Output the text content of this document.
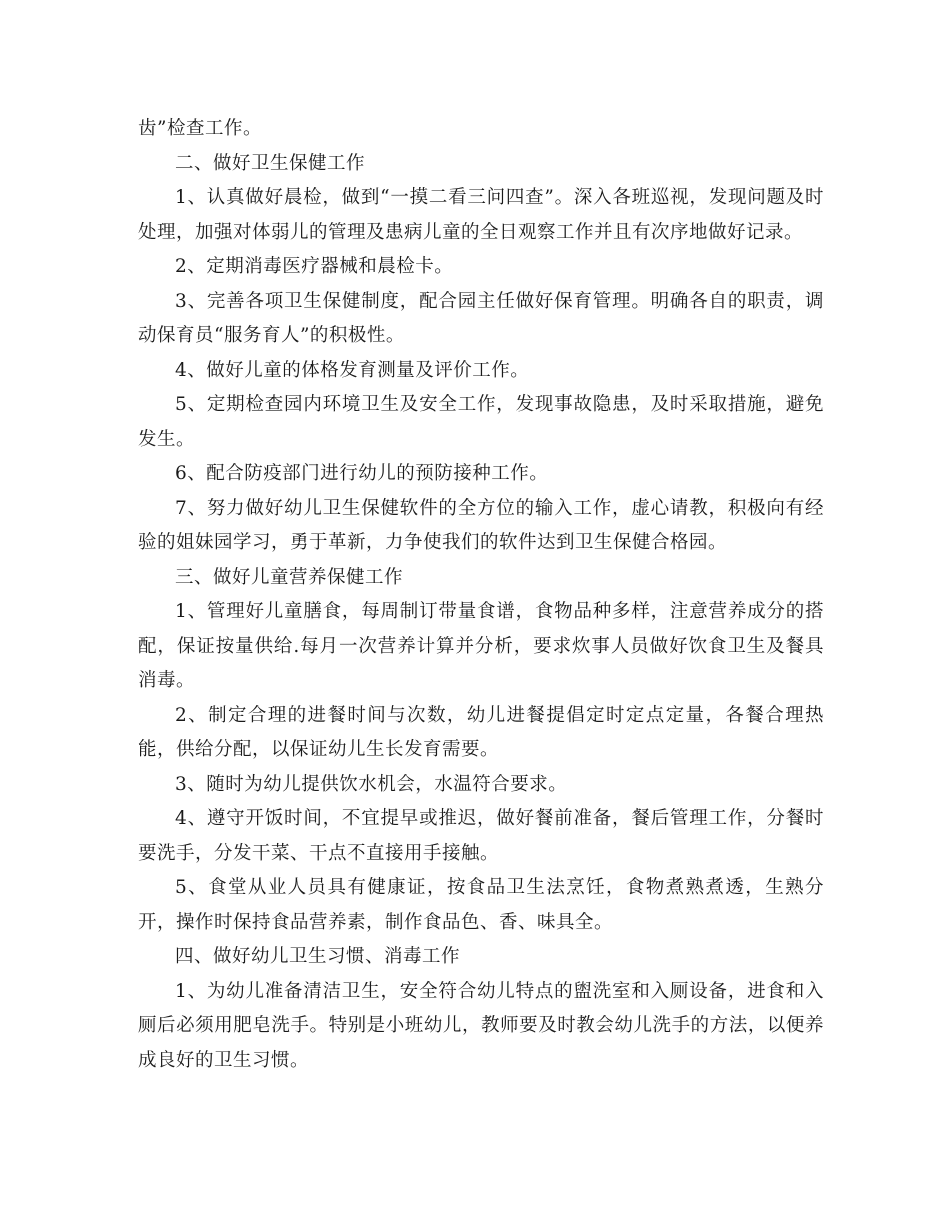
齿”检查工作。

二、做好卫生保健工作

1、认真做好晨检，做到“一摸二看三问四查”。深入各班巡视，发现问题及时处理，加强对体弱儿的管理及患病儿童的全日观察工作并且有次序地做好记录。

2、定期消毒医疗器械和晨检卡。

3、完善各项卫生保健制度，配合园主任做好保育管理。明确各自的职责，调动保育员“服务育人”的积极性。

4、做好儿童的体格发育测量及评价工作。

5、定期检查园内环境卫生及安全工作，发现事故隐患，及时采取措施，避免发生。

6、配合防疫部门进行幼儿的预防接种工作。

7、努力做好幼儿卫生保健软件的全方位的输入工作，虚心请教，积极向有经验的姐妹园学习，勇于革新，力争使我们的软件达到卫生保健合格园。

三、做好儿童营养保健工作

1、管理好儿童膳食，每周制订带量食谱，食物品种多样，注意营养成分的搭配，保证按量供给.每月一次营养计算并分析，要求炊事人员做好饮食卫生及餐具消毒。

2、制定合理的进餐时间与次数，幼儿进餐提倡定时定点定量，各餐合理热能，供给分配，以保证幼儿生长发育需要。

3、随时为幼儿提供饮水机会，水温符合要求。

4、遵守开饭时间，不宜提早或推迟，做好餐前准备，餐后管理工作，分餐时要洗手，分发干菜、干点不直接用手接触。

5、食堂从业人员具有健康证，按食品卫生法烹饪，食物煮熟煮透，生熟分开，操作时保持食品营养素，制作食品色、香、味具全。

四、做好幼儿卫生习惯、消毒工作

1、为幼儿准备清洁卫生，安全符合幼儿特点的盥洗室和入厕设备，进食和入厕后必须用肥皂洗手。特别是小班幼儿，教师要及时教会幼儿洗手的方法，以便养成良好的卫生习惯。
